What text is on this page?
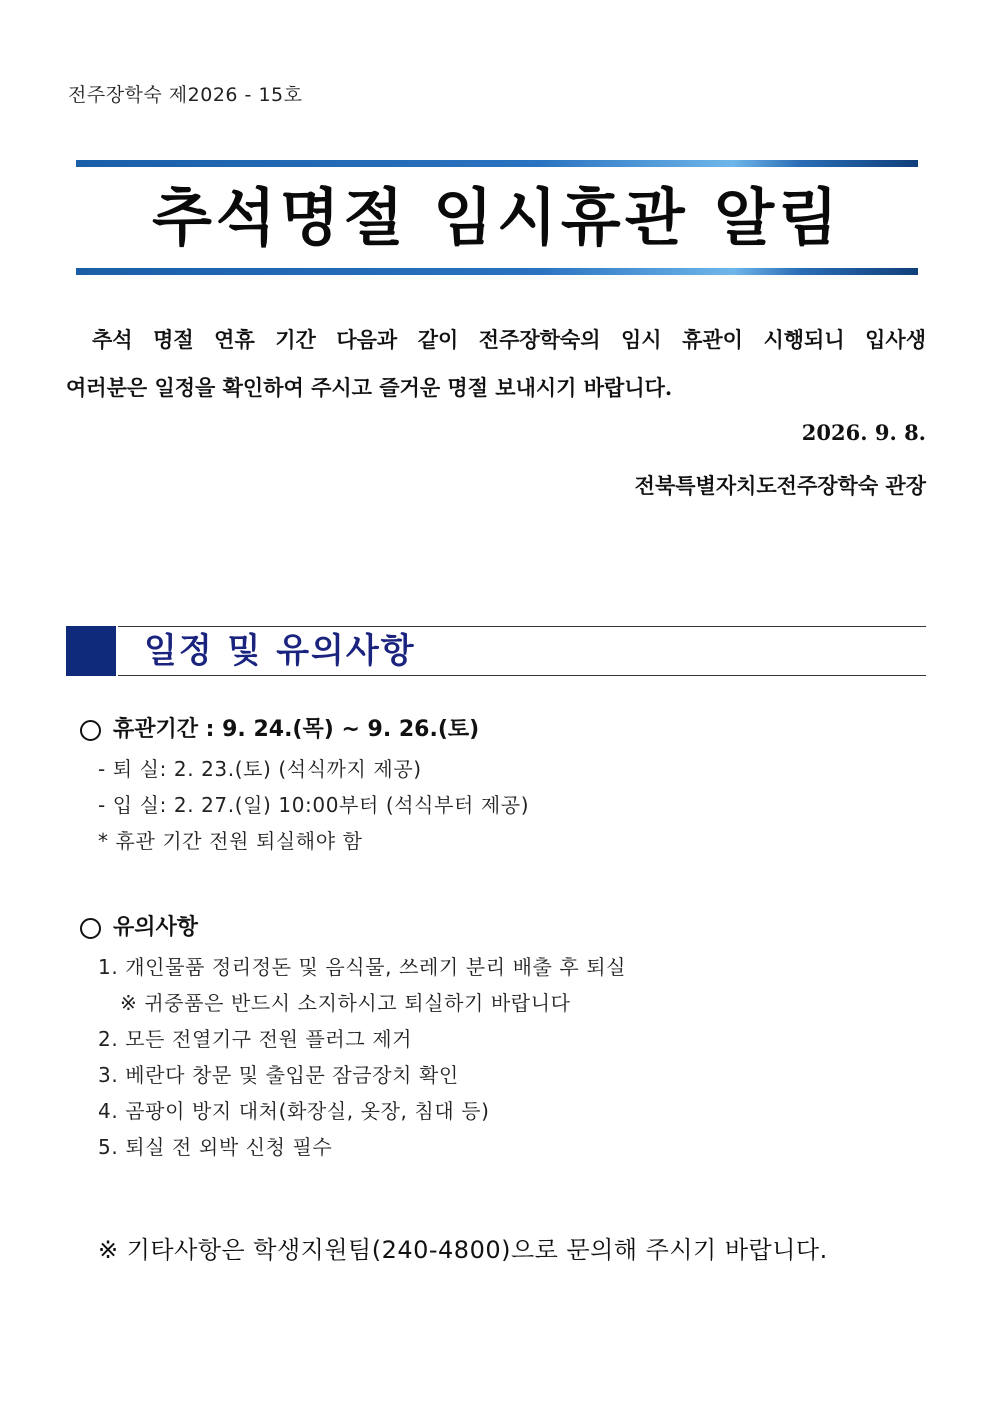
전주장학숙 제2026 - 15호
추석명절 임시휴관 알림

추석 명절 연휴 기간 다음과 같이 전주장학숙의 임시 휴관이 시행되니 입사생

여러분은 일정을 확인하여 주시고 즐거운 명절 보내시기 바랍니다.

2026. 9. 8.
전북특별자치도전주장학숙 관장
일정 및 유의사항
휴관기간 : 9. 24.(목) ~ 9. 26.(토)
- 퇴 실: 2. 23.(토) (석식까지 제공)
- 입 실: 2. 27.(일) 10:00부터 (석식부터 제공)
* 휴관 기간 전원 퇴실해야 함
유의사항
1. 개인물품 정리정돈 및 음식물, 쓰레기 분리 배출 후 퇴실
※ 귀중품은 반드시 소지하시고 퇴실하기 바랍니다
2. 모든 전열기구 전원 플러그 제거
3. 베란다 창문 및 출입문 잠금장치 확인
4. 곰팡이 방지 대처(화장실, 옷장, 침대 등)
5. 퇴실 전 외박 신청 필수
※ 기타사항은 학생지원팀(240-4800)으로 문의해 주시기 바랍니다.
